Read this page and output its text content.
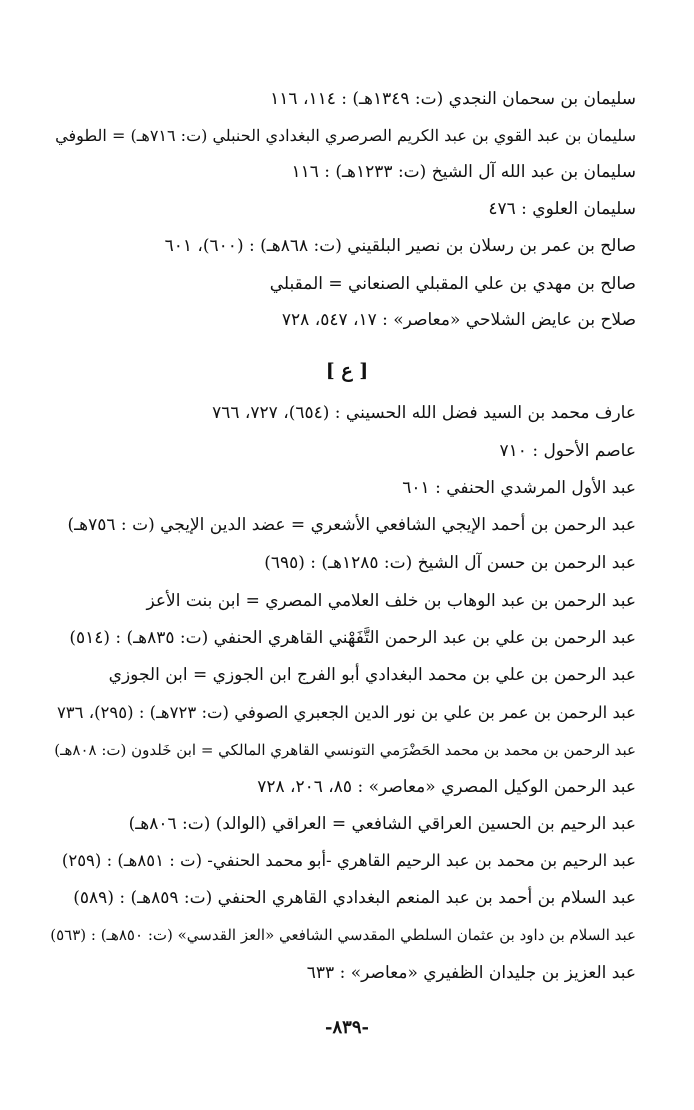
سليمان بن سحمان النجدي (ت: ١٣٤٩هـ) : ١١٤، ١١٦
سليمان بن عبد القوي بن عبد الكريم الصرصري البغدادي الحنبلي (ت: ٧١٦هـ) = الطوفي
سليمان بن عبد الله آل الشيخ (ت: ١٢٣٣هـ) : ١١٦
سليمان العلوي : ٤٧٦
صالح بن عمر بن رسلان بن نصير البلقيني (ت: ٨٦٨هـ) : (٦٠٠)، ٦٠١
صالح بن مهدي بن علي المقبلي الصنعاني = المقبلي
صلاح بن عايض الشلاحي «معاصر» : ١٧، ٥٤٧، ٧٢٨
[ ع ]
عارف محمد بن السيد فضل الله الحسيني : (٦٥٤)، ٧٢٧، ٧٦٦
عاصم الأحول : ٧١٠
عبد الأول المرشدي الحنفي : ٦٠١
عبد الرحمن بن أحمد الإيجي الشافعي الأشعري = عضد الدين الإيجي (ت : ٧٥٦هـ)
عبد الرحمن بن حسن آل الشيخ (ت: ١٢٨٥هـ) : (٦٩٥)
عبد الرحمن بن عبد الوهاب بن خلف العلامي المصري = ابن بنت الأعز
عبد الرحمن بن علي بن عبد الرحمن التَّفَهْني القاهري الحنفي (ت: ٨٣٥هـ) : (٥١٤)
عبد الرحمن بن علي بن محمد البغدادي أبو الفرج ابن الجوزي = ابن الجوزي
عبد الرحمن بن عمر بن علي بن نور الدين الجعبري الصوفي (ت: ٧٢٣هـ) : (٢٩٥)، ٧٣٦
عبد الرحمن بن محمد بن محمد الحَضْرَمي التونسي القاهري المالكي = ابن خَلدون (ت: ٨٠٨هـ)
عبد الرحمن الوكيل المصري «معاصر» : ٨٥، ٢٠٦، ٧٢٨
عبد الرحيم بن الحسين العراقي الشافعي = العراقي (الوالد) (ت: ٨٠٦هـ)
عبد الرحيم بن محمد بن عبد الرحيم القاهري -أبو محمد الحنفي- (ت : ٨٥١هـ) : (٢٥٩)
عبد السلام بن أحمد بن عبد المنعم البغدادي القاهري الحنفي (ت: ٨٥٩هـ) : (٥٨٩)
عبد السلام بن داود بن عثمان السلطي المقدسي الشافعي «العز القدسي» (ت: ٨٥٠هـ) : (٥٦٣)
عبد العزيز بن جليدان الظفيري «معاصر» : ٦٣٣
-٨٣٩-
